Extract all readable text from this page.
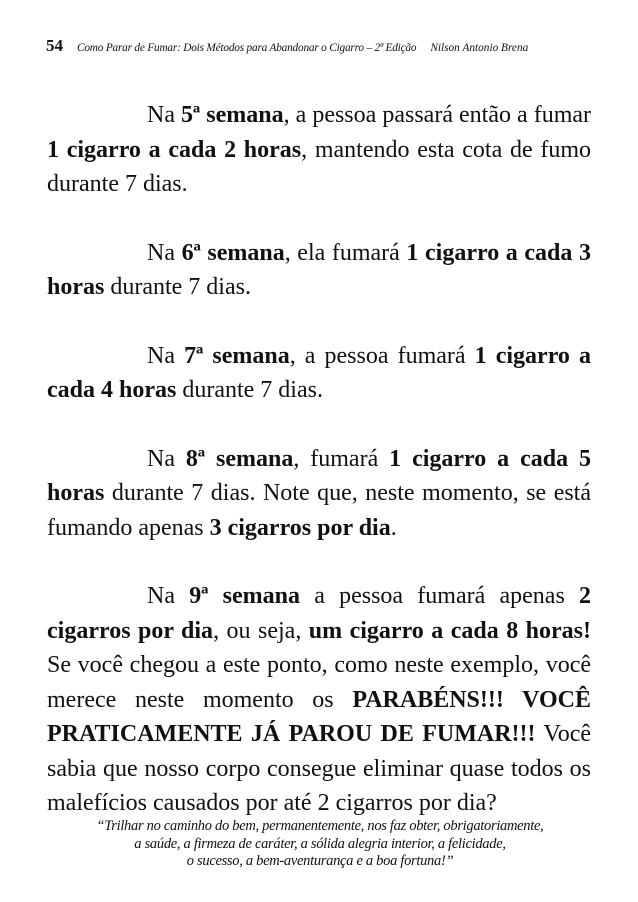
54 Como Parar de Fumar: Dois Métodos para Abandonar o Cigarro – 2ª Edição Nilson Antonio Brena

Na 5ª semana, a pessoa passará então a fumar 1 cigarro a cada 2 horas, mantendo esta cota de fumo durante 7 dias.

Na 6ª semana, ela fumará 1 cigarro a cada 3 horas durante 7 dias.

Na 7ª semana, a pessoa fumará 1 cigarro a cada 4 horas durante 7 dias.

Na 8ª semana, fumará 1 cigarro a cada 5 horas durante 7 dias. Note que, neste momento, se está fumando apenas 3 cigarros por dia.

Na 9ª semana a pessoa fumará apenas 2 cigarros por dia, ou seja, um cigarro a cada 8 horas! Se você chegou a este ponto, como neste exemplo, você merece neste momento os PARABÉNS!!! VOCÊ PRATICAMENTE JÁ PAROU DE FUMAR!!! Você sabia que nosso corpo consegue eliminar quase todos os malefícios causados por até 2 cigarros por dia?

“Trilhar no caminho do bem, permanentemente, nos faz obter, obrigatoriamente,
a saúde, a firmeza de caráter, a sólida alegria interior, a felicidade,
o sucesso, a bem-aventurança e a boa fortuna!”
